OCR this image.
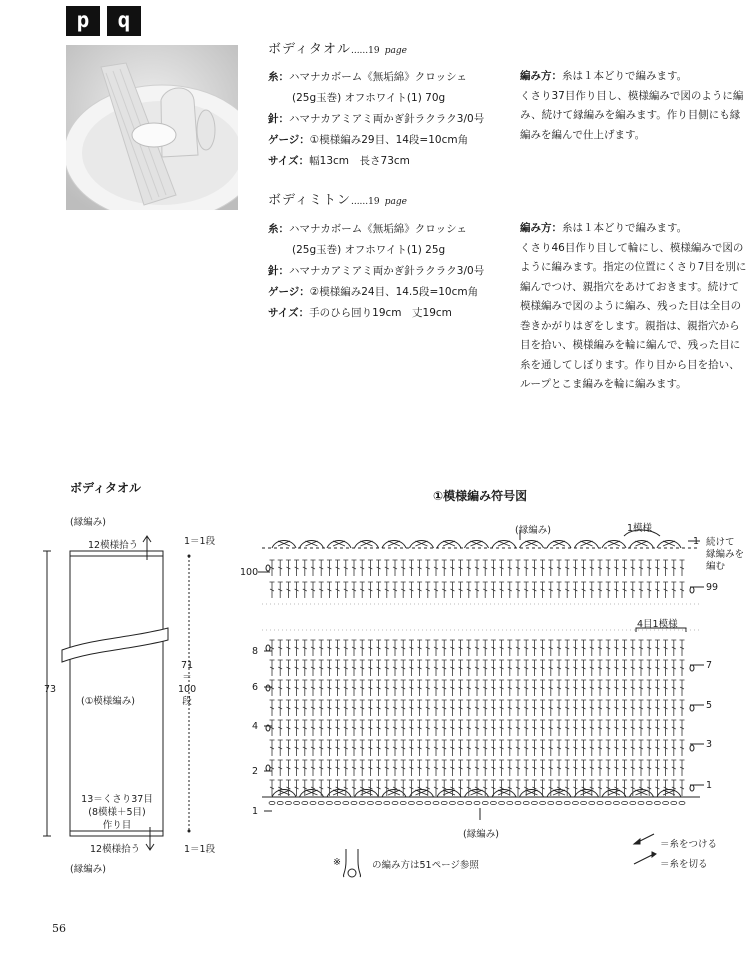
p	q
ボディタオル......19 page
糸：ハマナカボーム《無垢綿》クロッシェ
(25g玉巻) オフホワイト(1) 70g
針：ハマナカアミアミ両かぎ針ラクラク3/0号
ゲージ：①模様編み29目、14段=10cm角
サイズ：幅13cm　長さ73cm
編み方：糸は１本どりで編みます。
くさり37目作り目し、模様編みで図のように編み、続けて縁編みを編みます。作り目側にも縁編みを編んで仕上げます。
ボディミトン......19 page
糸：ハマナカボーム《無垢綿》クロッシェ
(25g玉巻) オフホワイト(1) 25g
針：ハマナカアミアミ両かぎ針ラクラク3/0号
ゲージ：②模様編み24目、14.5段=10cm角
サイズ：手のひら回り19cm　丈19cm
編み方：糸は１本どりで編みます。
くさり46目作り目して輪にし、模様編みで図のように編みます。指定の位置にくさり7目を別に編んでつけ、親指穴をあけておきます。続けて模様編みで図のように編み、残った目は全目の巻きかがりはぎをします。親指は、親指穴から目を拾い、模様編みを輪に編んで、残った目に糸を通してしぼります。作り目から目を拾い、ループとこま編みを輪に編みます。
ボディタオル
(縁編み)
12模様拾う	1＝1段
(①模様編み)
73
71
＝
100
段
13＝くさり37目
(8模様＋5目)
作り目
12模様拾う	1＝1段
(縁編み)
①模様編み符号図
(縁編み)	1模様
続けて
縁編みを
編む
4目1模様
(縁編み)
100
8
6
4
2
1
1
99
7
5
3
1
※	の編み方は51ページ参照
＝糸をつける
＝糸を切る
56
